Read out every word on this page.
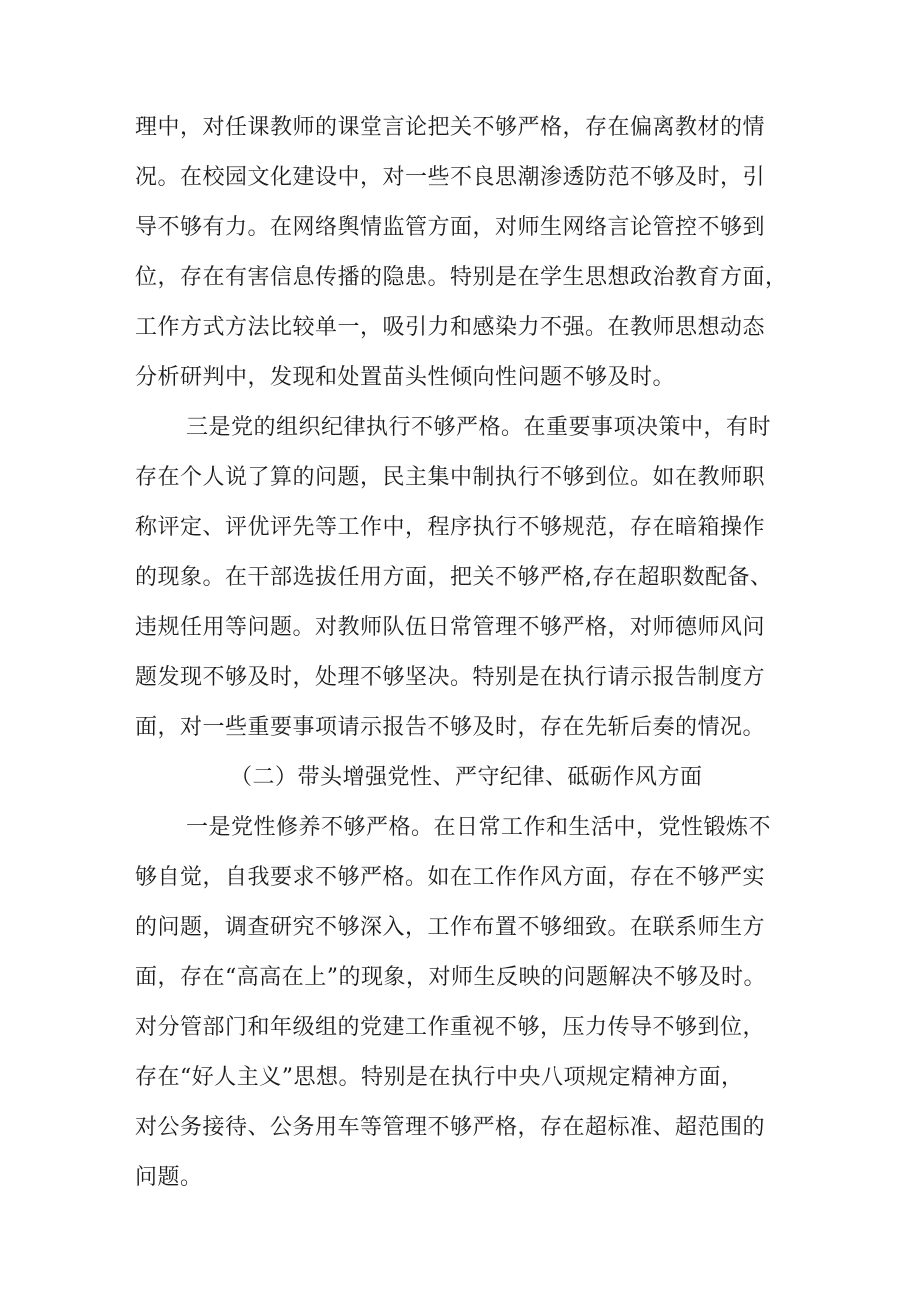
理中，对任课教师的课堂言论把关不够严格，存在偏离教材的情
况。在校园文化建设中，对一些不良思潮渗透防范不够及时，引
导不够有力。在网络舆情监管方面，对师生网络言论管控不够到
位，存在有害信息传播的隐患。特别是在学生思想政治教育方面，
工作方式方法比较单一，吸引力和感染力不强。在教师思想动态
分析研判中，发现和处置苗头性倾向性问题不够及时。
三是党的组织纪律执行不够严格。在重要事项决策中，有时
存在个人说了算的问题，民主集中制执行不够到位。如在教师职
称评定、评优评先等工作中，程序执行不够规范，存在暗箱操作
的现象。在干部选拔任用方面，把关不够严格,存在超职数配备、
违规任用等问题。对教师队伍日常管理不够严格，对师德师风问
题发现不够及时，处理不够坚决。特别是在执行请示报告制度方
面，对一些重要事项请示报告不够及时，存在先斩后奏的情况。
（二）带头增强党性、严守纪律、砥砺作风方面
一是党性修养不够严格。在日常工作和生活中，党性锻炼不
够自觉，自我要求不够严格。如在工作作风方面，存在不够严实
的问题，调查研究不够深入，工作布置不够细致。在联系师生方
面，存在“高高在上”的现象，对师生反映的问题解决不够及时。
对分管部门和年级组的党建工作重视不够，压力传导不够到位，
存在“好人主义”思想。特别是在执行中央八项规定精神方面，
对公务接待、公务用车等管理不够严格，存在超标准、超范围的
问题。
